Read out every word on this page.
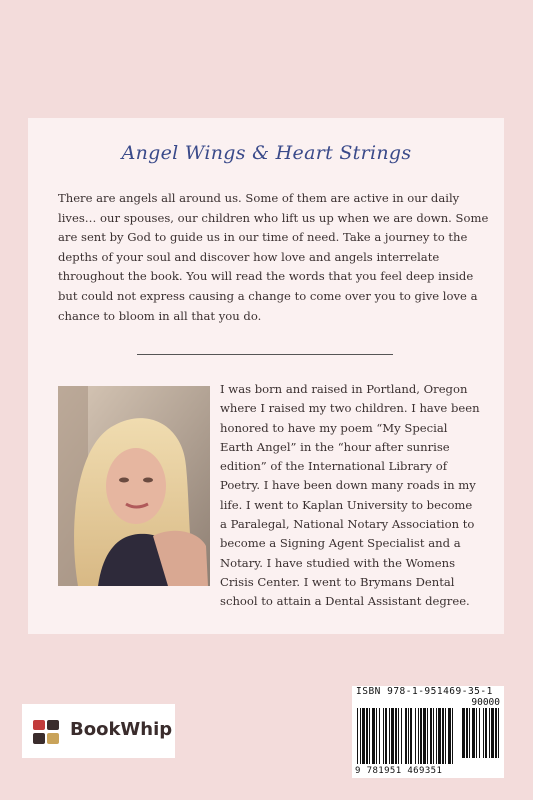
Angel Wings & Heart Strings

There are angels all around us. Some of them are active in our daily lives… our spouses, our children who lift us up when we are down. Some are sent by God to guide us in our time of need. Take a journey to the depths of your soul and discover how love and angels interrelate throughout the book. You will read the words that you feel deep inside but could not express causing a change to come over you to give love a chance to bloom in all that you do.

I was born and raised in Portland, Oregon where I raised my two children. I have been honored to have my poem “My Special Earth Angel” in the “hour after sunrise edition” of the International Library of Poetry. I have been down many roads in my life. I went to Kaplan University to become a Paralegal, National Notary Association to become a Signing Agent Specialist and a Notary. I have studied with the Womens Crisis Center. I went to Brymans Dental school to attain a Dental Assistant degree.

BookWhip
ISBN 978-1-951469-35-1
90000
9 781951 469351
